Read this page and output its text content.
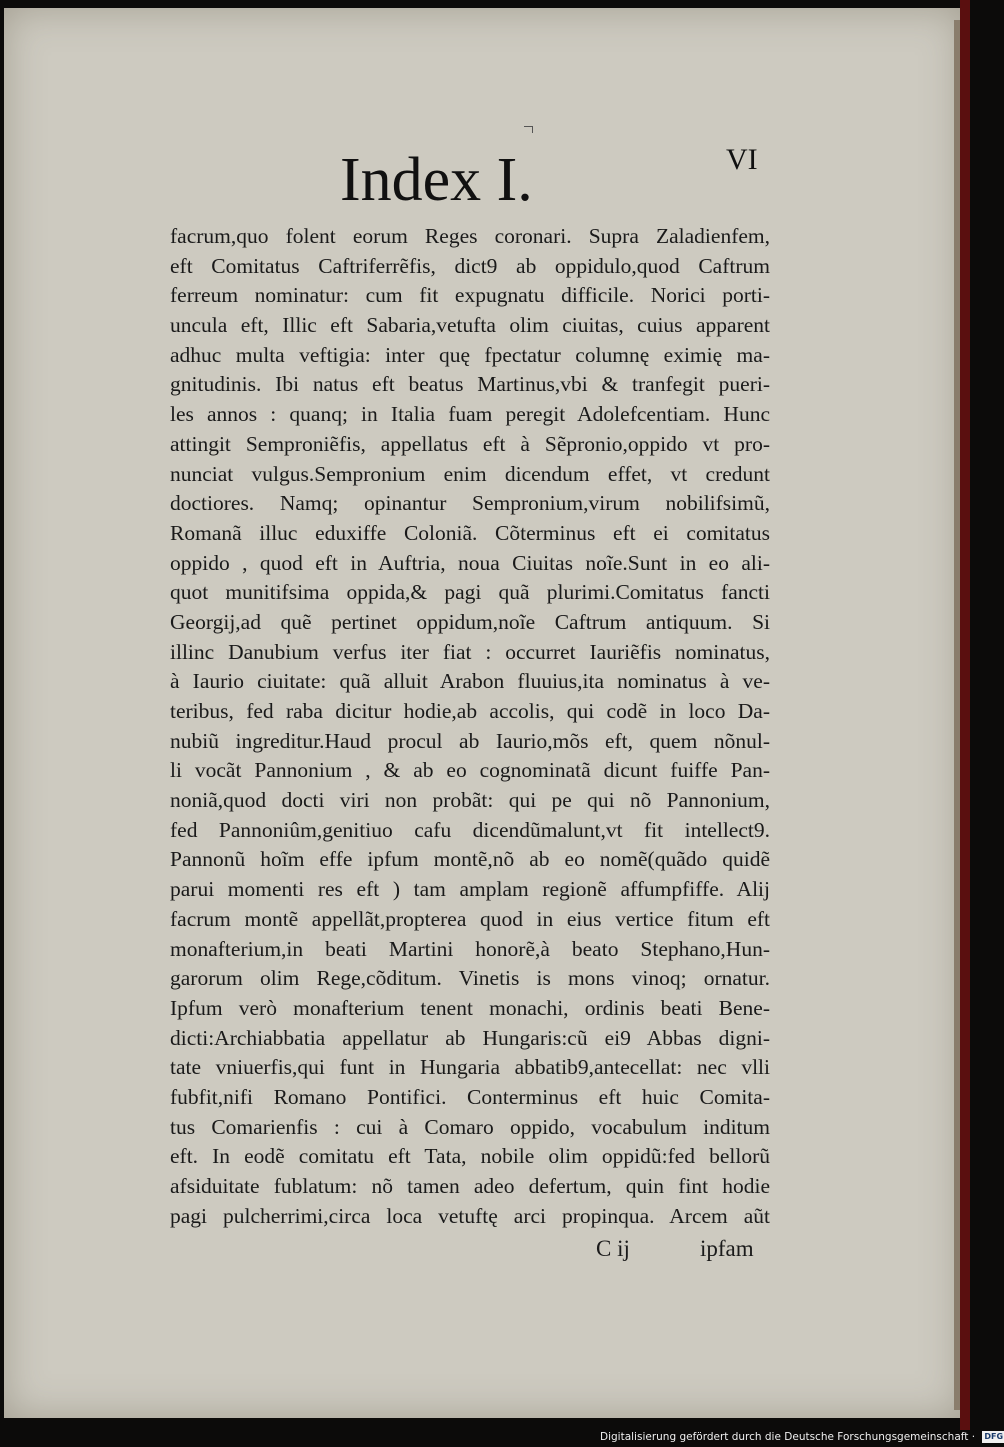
Index I.	VI
facrum,quo folent eorum Reges coronari. Supra Zaladienfem,
eft Comitatus Caftriferrẽfis, dict9 ab oppidulo,quod Caftrum
ferreum nominatur: cum fit expugnatu difficile. Norici porti-
uncula eft, Illic eft Sabaria,vetufta olim ciuitas, cuius apparent
adhuc multa veftigia: inter quę fpectatur columnę eximię ma-
gnitudinis. Ibi natus eft beatus Martinus,vbi & tranfegit pueri-
les annos : quanq; in Italia fuam peregit Adolefcentiam. Hunc
attingit Semproniẽfis, appellatus eft à Sẽpronio,oppido vt pro-
nunciat vulgus.Sempronium enim dicendum effet, vt credunt
doctiores. Namq; opinantur Sempronium,virum nobilifsimũ,
Romanã illuc eduxiffe Coloniã. Cõterminus eft ei comitatus
oppido , quod eft in Auftria, noua Ciuitas noĩe.Sunt in eo ali-
quot munitifsima oppida,& pagi quã plurimi.Comitatus fancti
Georgij,ad quẽ pertinet oppidum,noĩe Caftrum antiquum. Si
illinc Danubium verfus iter fiat : occurret Iauriẽfis nominatus,
à Iaurio ciuitate: quã alluit Arabon fluuius,ita nominatus à ve-
teribus, fed raba dicitur hodie,ab accolis, qui codẽ in loco Da-
nubiũ ingreditur.Haud procul ab Iaurio,mõs eft, quem nõnul-
li vocãt Pannonium , & ab eo cognominatã dicunt fuiffe Pan-
noniã,quod docti viri non probãt: qui pe qui nõ Pannonium,
fed Pannoniûm,genitiuo cafu dicendũmalunt,vt fit intellect9.
Pannonũ hoĩm effe ipfum montẽ,nõ ab eo nomẽ(quãdo quidẽ
parui momenti res eft ) tam amplam regionẽ affumpfiffe. Alij
facrum montẽ appellãt,propterea quod in eius vertice fitum eft
monafterium,in beati Martini honorẽ,à beato Stephano,Hun-
garorum olim Rege,cõditum. Vinetis is mons vinoq; ornatur.
Ipfum verò monafterium tenent monachi, ordinis beati Bene-
dicti:Archiabbatia appellatur ab Hungaris:cũ ei9 Abbas digni-
tate vniuerfis,qui funt in Hungaria abbatib9,antecellat: nec vlli
fubfit,nifi Romano Pontifici. Conterminus eft huic Comita-
tus Comarienfis : cui à Comaro oppido, vocabulum inditum
eft. In eodẽ comitatu eft Tata, nobile olim oppidũ:fed bellorũ
afsiduitate fublatum: nõ tamen adeo defertum, quin fint hodie
pagi pulcherrimi,circa loca vetuftę arci propinqua. Arcem aũt
C ij	ipfam
Digitalisierung gefördert durch die Deutsche Forschungsgemeinschaft · DFG
